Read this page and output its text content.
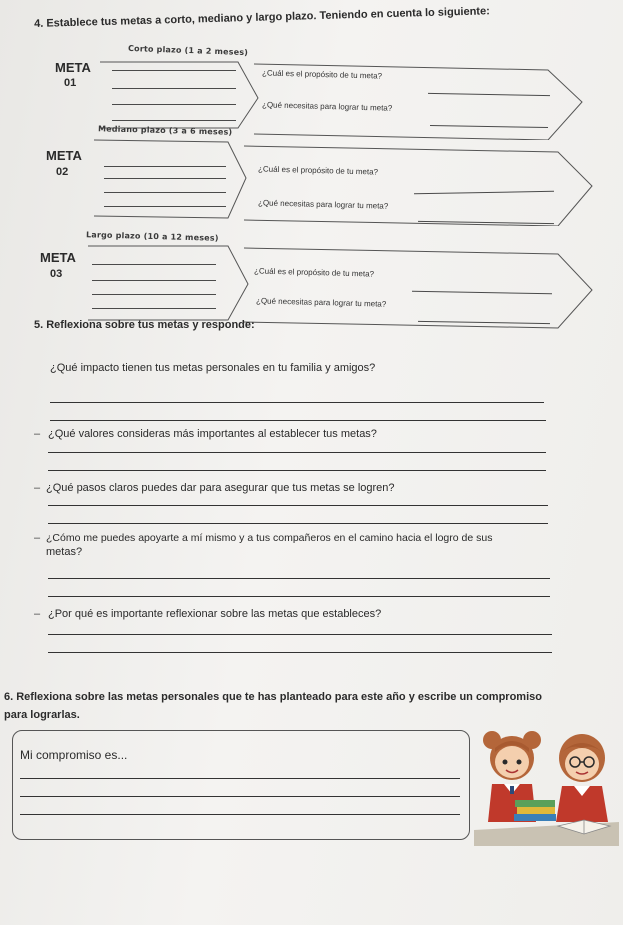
4. Establece tus metas a corto, mediano y largo plazo. Teniendo en cuenta lo siguiente:
META
01
Corto plazo (1 a 2 meses)
¿Cuál es el propósito de tu meta?
¿Qué necesitas para lograr tu meta?
META
02
Mediano plazo (3 a 6 meses)
¿Cuál es el propósito de tu meta?
¿Qué necesitas para lograr tu meta?
META
03
Largo plazo (10 a 12 meses)
¿Cuál es el propósito de tu meta?
¿Qué necesitas para lograr tu meta?
5. Reflexiona sobre tus metas y responde:
¿Qué impacto tienen tus metas personales en tu familia y amigos?
– ¿Qué valores consideras más importantes al establecer tus metas?
– ¿Qué pasos claros puedes dar para asegurar que tus metas se logren?
– ¿Cómo me puedes apoyarte a mí mismo y a tus compañeros en el camino hacia el logro de sus
metas?
– ¿Por qué es importante reflexionar sobre las metas que estableces?
6. Reflexiona sobre las metas personales que te has planteado para este año y escribe un compromiso para lograrlas.
Mi compromiso es...
